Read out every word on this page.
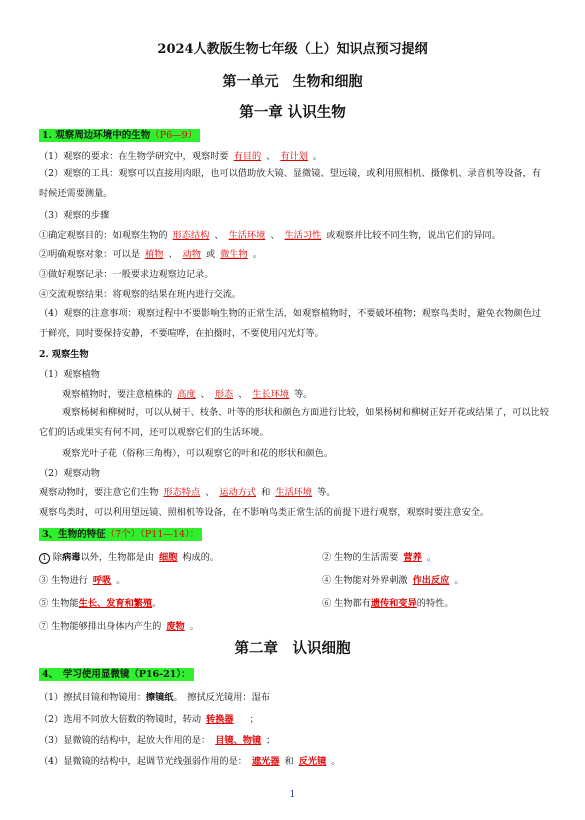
2024人教版生物七年级（上）知识点预习提纲
第一单元　生物和细胞
第一章 认识生物
1. 观察周边环境中的生物（P6—9）
（1）观察的要求：在生物学研究中，观察时要 有目的 、 有计划 。
（2）观察的工具：观察可以直接用肉眼，也可以借助放大镜、显微镜、望远镜，或利用照相机、摄像机、录音机等设备，有时候还需要测量。
（3）观察的步骤
①确定观察目的：如观察生物的 形态结构 、 生活环境 、 生活习性 或观察并比较不同生物，说出它们的异同。
②明确观察对象：可以是 植物 、 动物 或 微生物 。
③做好观察记录：一般要求边观察边记录。
④交流观察结果：将观察的结果在班内进行交流。
（4）观察的注意事项：观察过程中不要影响生物的正常生活，如观察植物时，不要破坏植物；观察鸟类时，避免衣物颜色过于鲜亮，同时要保持安静，不要喧哗，在拍摄时，不要使用闪光灯等。
2. 观察生物
（1）观察植物
观察植物时，要注意植株的 高度 、 形态 、 生长环境 等。
观察杨树和柳树时，可以从树干、枝条、叶等的形状和颜色方面进行比较，如果杨树和柳树正好开花或结果了，可以比较它们的话或果实有何不同，还可以观察它们的生活环境。
观察光叶子花（俗称三角梅），可以观察它的叶和花的形状和颜色。
（2）观察动物
观察动物时，要注意它们生物 形态特点 、 运动方式 和 生活环境 等。
观察鸟类时，可以利用望远镜、照相机等设备，在不影响鸟类正常生活的前提下进行观察，观察时要注意安全。
3、生物的特征（7个）（P11—14）：
1 除病毒以外，生物都是由 细胞 构成的。	② 生物的生活需要 营养 。
③ 生物进行 呼吸 。	④ 生物能对外界刺激 作出反应 。
⑤ 生物能生长、发育和繁殖。	⑥ 生物都有遗传和变异的特性。
⑦ 生物能够排出身体内产生的 废物 。
第二章　认识细胞
4、　学习使用显微镜（P16-21）：
（1）擦拭目镜和物镜用：擦镜纸。　擦拭反光镜用：湿布
（2）选用不同放大倍数的物镜时，转动 转换器 ；
（3）显微镜的结构中，起放大作用的是： 目镜、物镜 ；
（4）显微镜的结构中，起调节光线强弱作用的是： 遮光器 和 反光镜 。
1
